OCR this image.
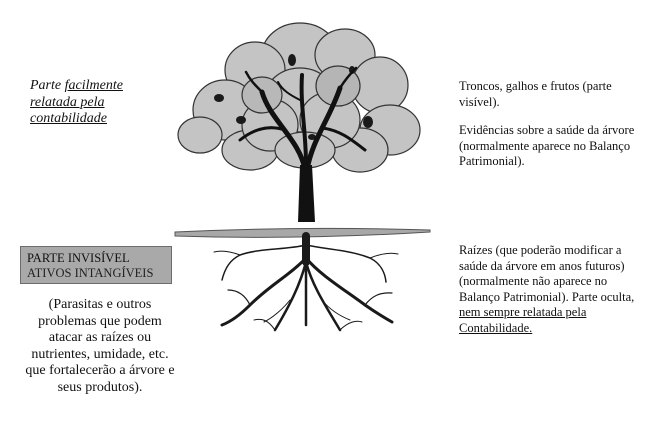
Parte facilmente
relatada pela
contabilidade
PARTE INVISÍVEL
ATIVOS INTANGÍVEIS
(Parasitas e outros problemas que podem atacar as raízes ou nutrientes, umidade, etc. que fortalecerão a árvore e seus produtos).
Troncos, galhos e frutos (parte visível).
Evidências sobre a saúde da árvore (normalmente aparece no Balanço Patrimonial).
Raízes (que poderão modificar a saúde da árvore em anos futuros)
(normalmente não aparece no Balanço Patrimonial). Parte oculta, nem sempre relatada pela Contabilidade.
